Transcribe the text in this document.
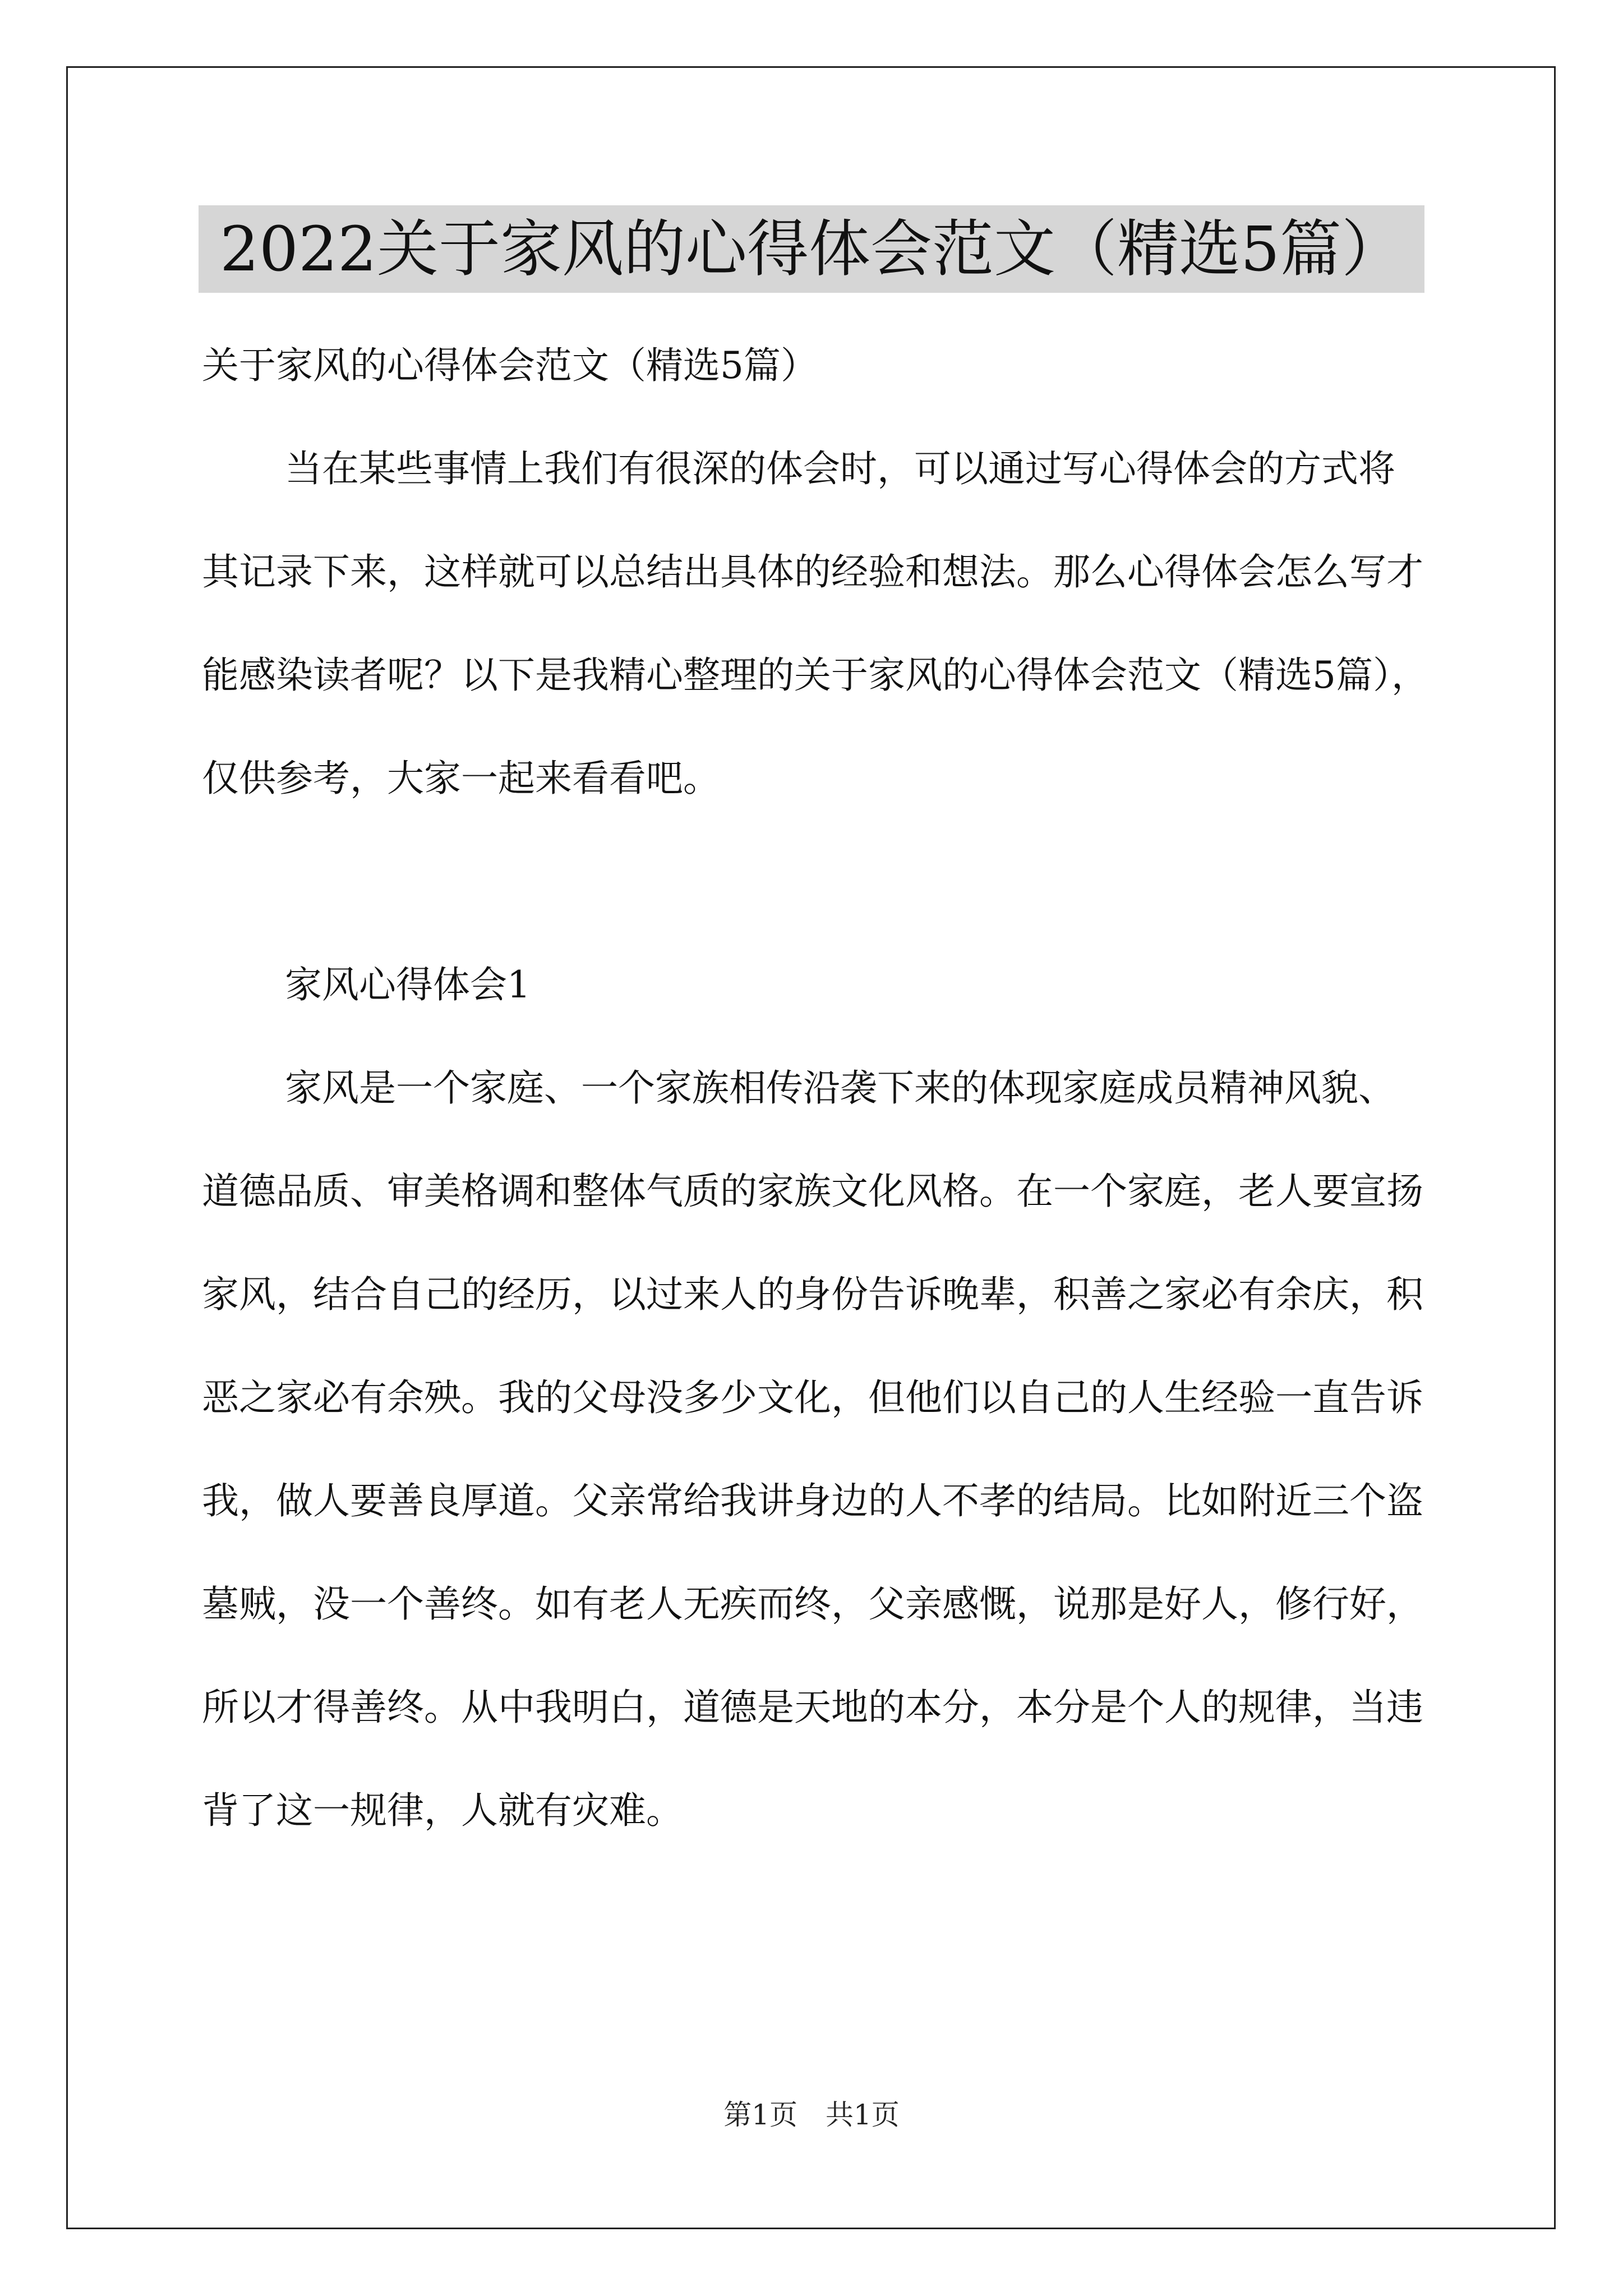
2022关于家风的心得体会范文（精选5篇）

关于家风的心得体会范文（精选5篇）

当在某些事情上我们有很深的体会时，可以通过写心得体会的方式将其记录下来，这样就可以总结出具体的经验和想法。那么心得体会怎么写才能感染读者呢？以下是我精心整理的关于家风的心得体会范文（精选5篇），仅供参考，大家一起来看看吧。

家风心得体会1

家风是一个家庭、一个家族相传沿袭下来的体现家庭成员精神风貌、道德品质、审美格调和整体气质的家族文化风格。在一个家庭，老人要宣扬家风，结合自己的经历，以过来人的身份告诉晚辈，积善之家必有余庆，积恶之家必有余殃。我的父母没多少文化，但他们以自己的人生经验一直告诉我，做人要善良厚道。父亲常给我讲身边的人不孝的结局。比如附近三个盗墓贼，没一个善终。如有老人无疾而终，父亲感慨，说那是好人，修行好，所以才得善终。从中我明白，道德是天地的本分，本分是个人的规律，当违背了这一规律，人就有灾难。

第1页　共1页
